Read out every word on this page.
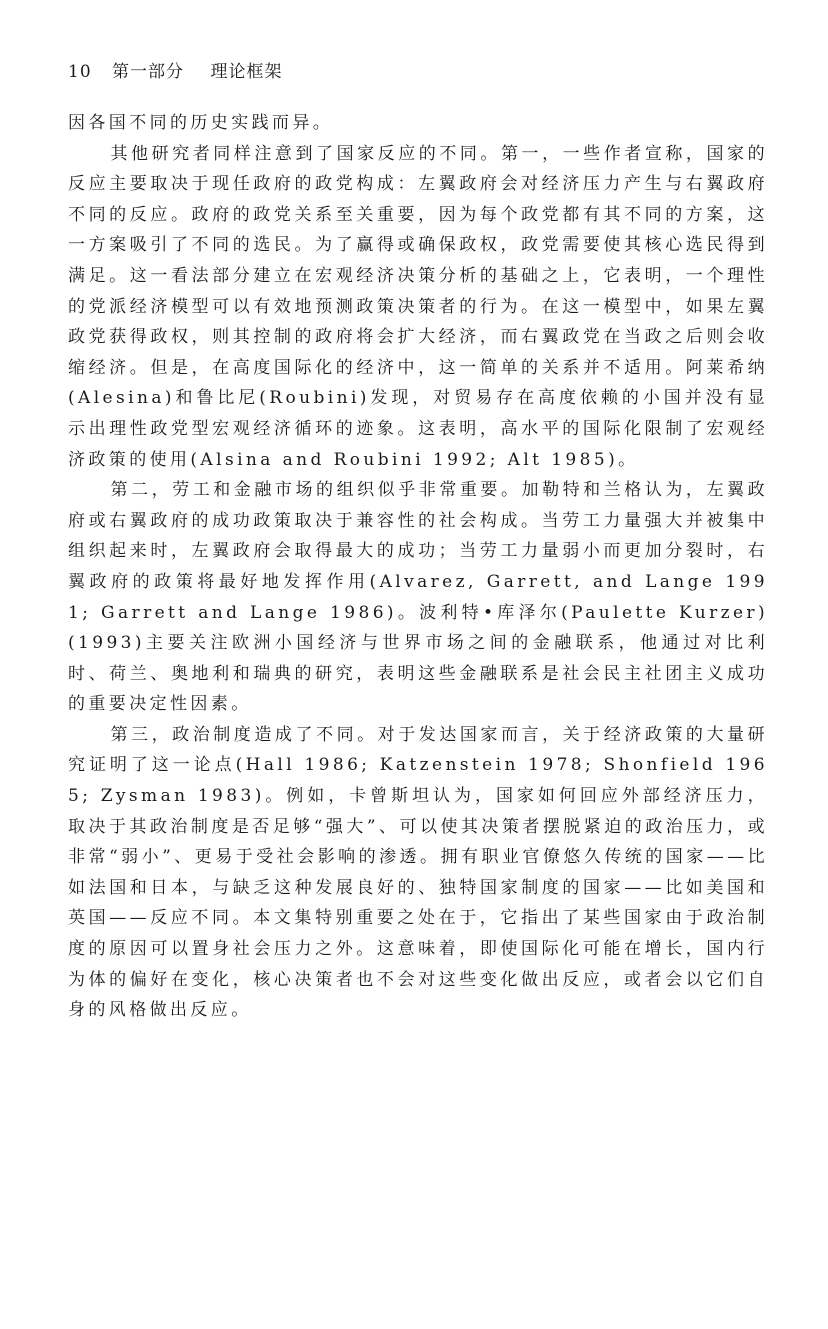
10 第一部分 理论框架

因各国不同的历史实践而异。

其他研究者同样注意到了国家反应的不同。第一，一些作者宣称，国家的反应主要取决于现任政府的政党构成：左翼政府会对经济压力产生与右翼政府不同的反应。政府的政党关系至关重要，因为每个政党都有其不同的方案，这一方案吸引了不同的选民。为了赢得或确保政权，政党需要使其核心选民得到满足。这一看法部分建立在宏观经济决策分析的基础之上，它表明，一个理性的党派经济模型可以有效地预测政策决策者的行为。在这一模型中，如果左翼政党获得政权，则其控制的政府将会扩大经济，而右翼政党在当政之后则会收缩经济。但是，在高度国际化的经济中，这一简单的关系并不适用。阿莱希纳(Alesina)和鲁比尼(Roubini)发现，对贸易存在高度依赖的小国并没有显示出理性政党型宏观经济循环的迹象。这表明，高水平的国际化限制了宏观经济政策的使用(Alsina and Roubini 1992; Alt 1985)。

第二，劳工和金融市场的组织似乎非常重要。加勒特和兰格认为，左翼政府或右翼政府的成功政策取决于兼容性的社会构成。当劳工力量强大并被集中组织起来时，左翼政府会取得最大的成功；当劳工力量弱小而更加分裂时，右翼政府的政策将最好地发挥作用(Alvarez, Garrett, and Lange 1991; Garrett and Lange 1986)。波利特•库泽尔(Paulette Kurzer)(1993)主要关注欧洲小国经济与世界市场之间的金融联系，他通过对比利时、荷兰、奥地利和瑞典的研究，表明这些金融联系是社会民主社团主义成功的重要决定性因素。

第三，政治制度造成了不同。对于发达国家而言，关于经济政策的大量研究证明了这一论点(Hall 1986; Katzenstein 1978; Shonfield 1965; Zysman 1983)。例如，卡曾斯坦认为，国家如何回应外部经济压力，取决于其政治制度是否足够“强大”、可以使其决策者摆脱紧迫的政治压力，或非常“弱小”、更易于受社会影响的渗透。拥有职业官僚悠久传统的国家——比如法国和日本，与缺乏这种发展良好的、独特国家制度的国家——比如美国和英国——反应不同。本文集特别重要之处在于，它指出了某些国家由于政治制度的原因可以置身社会压力之外。这意味着，即使国际化可能在增长，国内行为体的偏好在变化，核心决策者也不会对这些变化做出反应，或者会以它们自身的风格做出反应。
